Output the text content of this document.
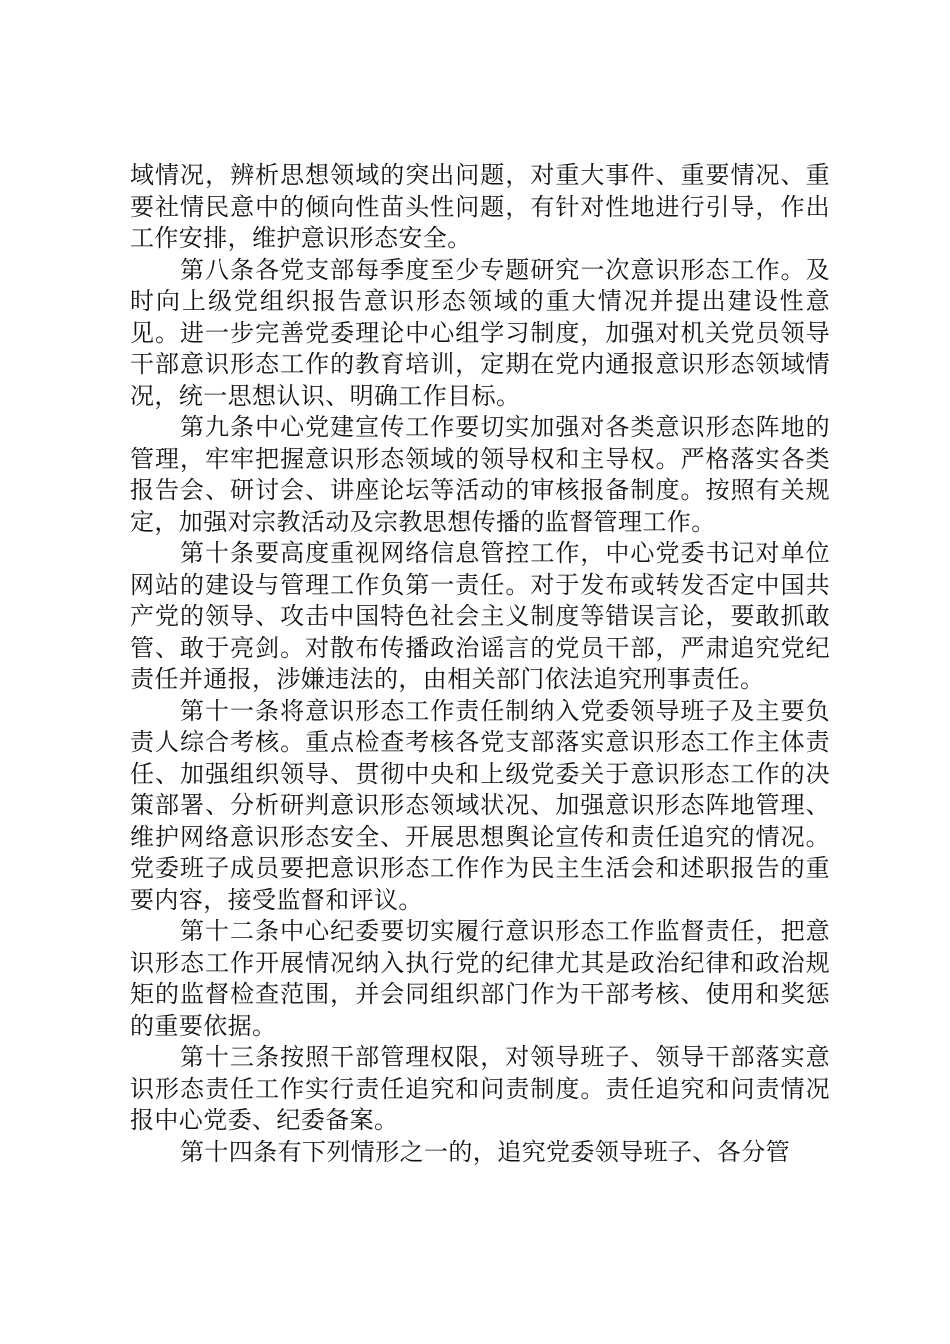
域情况，辨析思想领域的突出问题，对重大事件、重要情况、重要社情民意中的倾向性苗头性问题，有针对性地进行引导，作出工作安排，维护意识形态安全。

第八条各党支部每季度至少专题研究一次意识形态工作。及时向上级党组织报告意识形态领域的重大情况并提出建设性意见。进一步完善党委理论中心组学习制度，加强对机关党员领导干部意识形态工作的教育培训，定期在党内通报意识形态领域情况，统一思想认识、明确工作目标。

第九条中心党建宣传工作要切实加强对各类意识形态阵地的管理，牢牢把握意识形态领域的领导权和主导权。严格落实各类报告会、研讨会、讲座论坛等活动的审核报备制度。按照有关规定，加强对宗教活动及宗教思想传播的监督管理工作。

第十条要高度重视网络信息管控工作，中心党委书记对单位网站的建设与管理工作负第一责任。对于发布或转发否定中国共产党的领导、攻击中国特色社会主义制度等错误言论，要敢抓敢管、敢于亮剑。对散布传播政治谣言的党员干部，严肃追究党纪责任并通报，涉嫌违法的，由相关部门依法追究刑事责任。

第十一条将意识形态工作责任制纳入党委领导班子及主要负责人综合考核。重点检查考核各党支部落实意识形态工作主体责任、加强组织领导、贯彻中央和上级党委关于意识形态工作的决策部署、分析研判意识形态领域状况、加强意识形态阵地管理、维护网络意识形态安全、开展思想舆论宣传和责任追究的情况。党委班子成员要把意识形态工作作为民主生活会和述职报告的重要内容，接受监督和评议。

第十二条中心纪委要切实履行意识形态工作监督责任，把意识形态工作开展情况纳入执行党的纪律尤其是政治纪律和政治规矩的监督检查范围，并会同组织部门作为干部考核、使用和奖惩的重要依据。

第十三条按照干部管理权限，对领导班子、领导干部落实意识形态责任工作实行责任追究和问责制度。责任追究和问责情况报中心党委、纪委备案。

第十四条有下列情形之一的，追究党委领导班子、各分管
